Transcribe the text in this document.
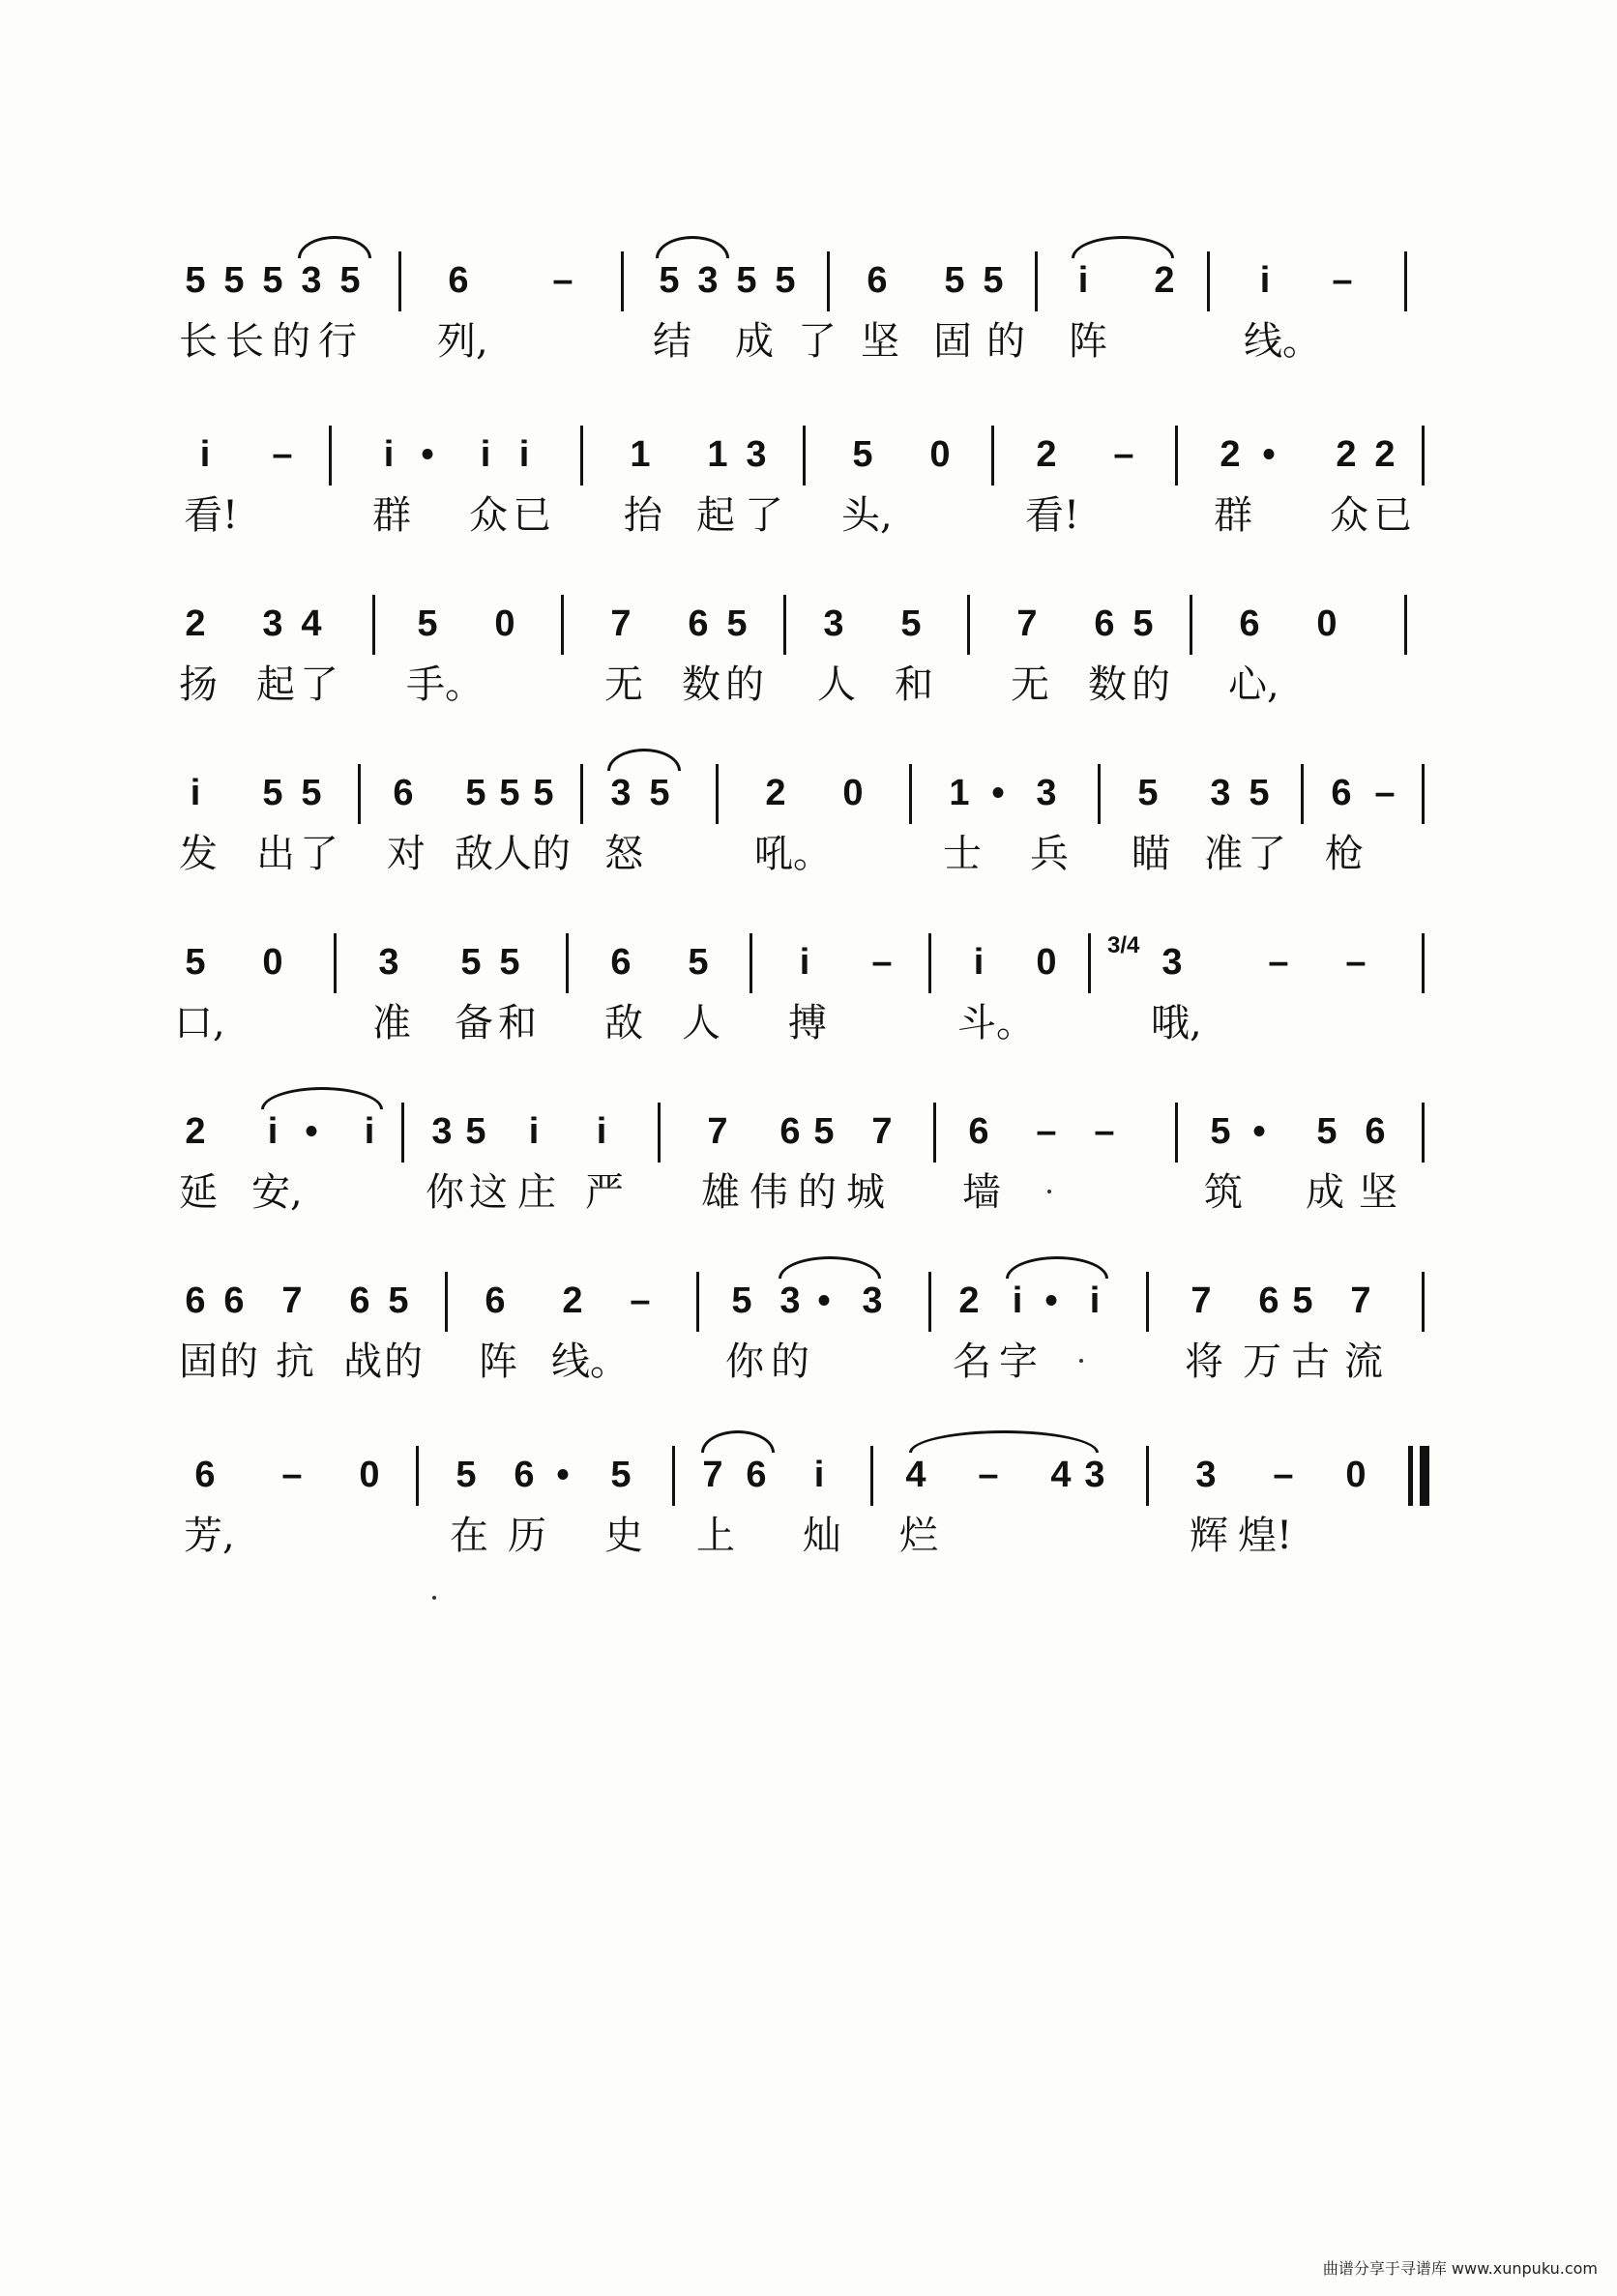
5 5 5 3 5	6	–	5 3 5 5	6	5 5	i	2	i	–
长 长 的 行 列,	结 成 了 坚 固 的 阵	线。
i	–	i •	i i	1	1 3	5	0	2	–	2 •	2 2
看!	群 众 已 抬 起 了 头,	看!	群 众 已
2	3 4	5	0	7	6 5	3	5	7	6 5	6	0
扬 起 了 手。	无 数 的 人 和 无 数 的 心,
i	5 5	6	5 5 5	3 5	2	0	1 • 3	5	3 5	6 –
发 出 了 对 敌 人 的 怒	吼。	士 兵 瞄 准 了 枪
5	0	3	5 5	6	5	i	–	i	0	3/4 3	–	–
口,	准 备 和 敌 人 搏	斗。	哦,
2	i •	i	3 5	i	i	7	6 5	7	6	–	–	5 •	5 6
延 安,	你 这 庄 严 雄 伟 的 城 墙	筑 成 坚
6 6	7	6 5	6	2	–	5 3 • 3	2 i • i	7	6 5	7
固 的 抗 战 的 阵 线。	你 的	名 字	将 万 古 流
6	–	0	5	6 •	5	7 6	i	4	–	4 3	3	–	0
芳,	在 历 史 上 灿 烂	辉 煌!
曲谱分享于寻谱库 www.xunpuku.com
